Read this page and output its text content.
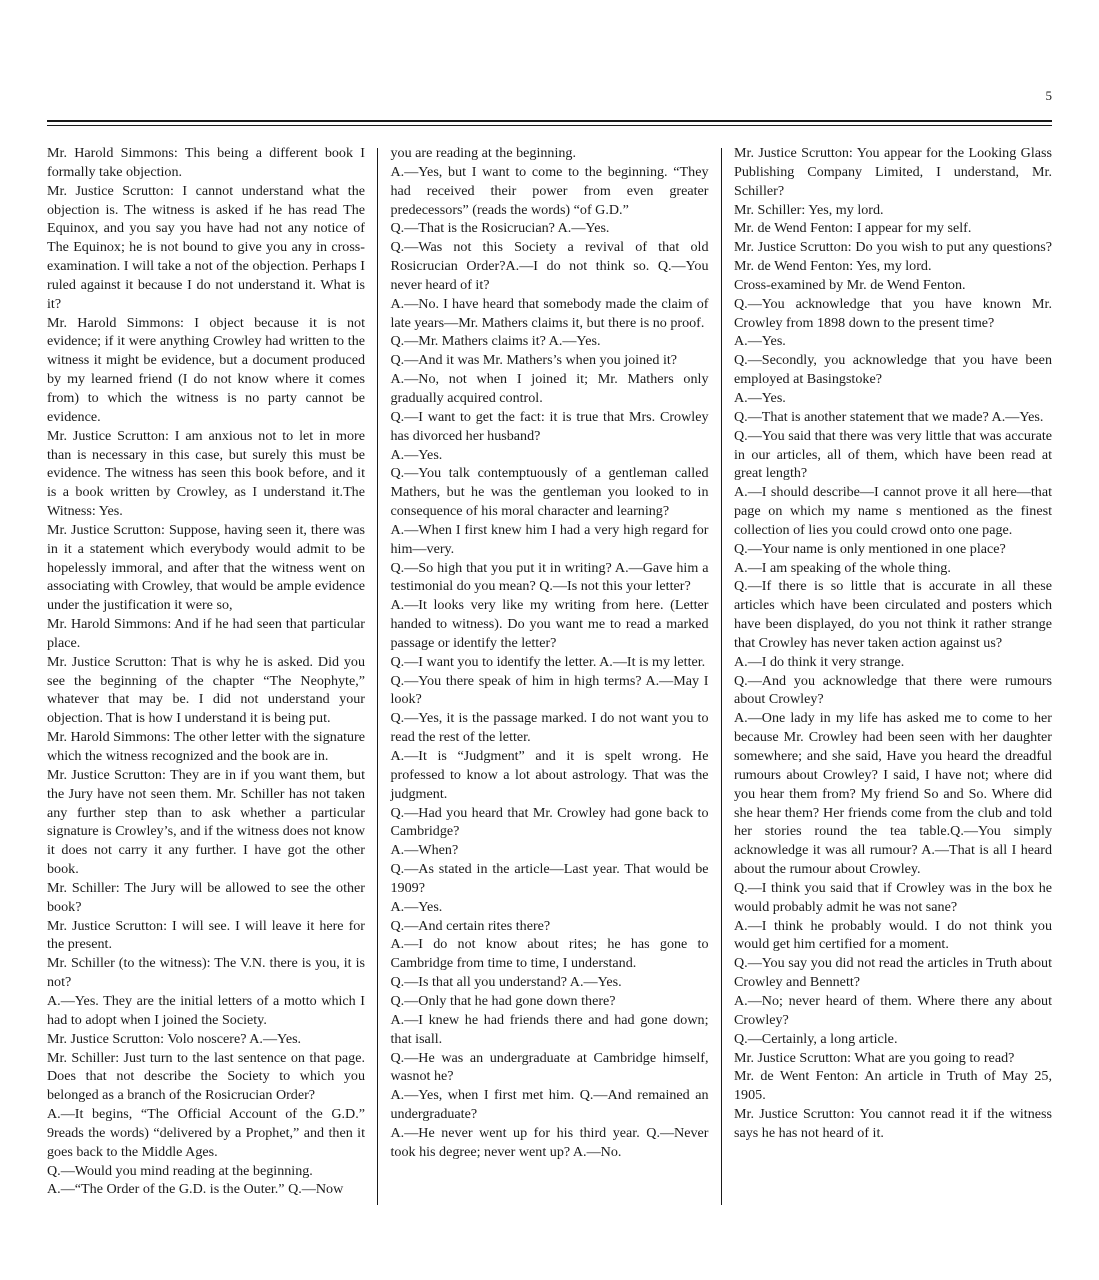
5

Mr. Harold Simmons: This being a different book I formally take objection.

Mr. Justice Scrutton: I cannot understand what the objection is. The witness is asked if he has read The Equinox, and you say you have had not any notice of The Equinox; he is not bound to give you any in cross-examination. I will take a not of the objection. Perhaps I ruled against it because I do not understand it. What is it?

Mr. Harold Simmons: I object because it is not evidence; if it were anything Crowley had written to the witness it might be evidence, but a document produced by my learned friend (I do not know where it comes from) to which the witness is no party cannot be evidence.

Mr. Justice Scrutton: I am anxious not to let in more than is necessary in this case, but surely this must be evidence. The witness has seen this book before, and it is a book written by Crowley, as I understand it.The Witness: Yes.

Mr. Justice Scrutton: Suppose, having seen it, there was in it a statement which everybody would admit to be hopelessly immoral, and after that the witness went on associating with Crowley, that would be ample evidence under the justification it were so,

Mr. Harold Simmons: And if he had seen that particular place.

Mr. Justice Scrutton: That is why he is asked. Did you see the beginning of the chapter “The Neophyte,” whatever that may be. I did not understand your objection. That is how I understand it is being put.

Mr. Harold Simmons: The other letter with the signature which the witness recognized and the book are in.

Mr. Justice Scrutton: They are in if you want them, but the Jury have not seen them. Mr. Schiller has not taken any further step than to ask whether a particular signature is Crowley’s, and if the witness does not know it does not carry it any further. I have got the other book.

Mr. Schiller: The Jury will be allowed to see the other book?

Mr. Justice Scrutton: I will see. I will leave it here for the present.

Mr. Schiller (to the witness): The V.N. there is you, it is not?

A.—Yes. They are the initial letters of a motto which I had to adopt when I joined the Society.

Mr. Justice Scrutton: Volo noscere? A.—Yes.

Mr. Schiller: Just turn to the last sentence on that page. Does that not describe the Society to which you belonged as a branch of the Rosicrucian Order?

A.—It begins, “The Official Account of the G.D.” 9reads the words) “delivered by a Prophet,” and then it goes back to the Middle Ages.

Q.—Would you mind reading at the beginning.

A.—“The Order of the G.D. is the Outer.” Q.—Now

you are reading at the beginning.

A.—Yes, but I want to come to the beginning. “They had received their power from even greater predecessors” (reads the words) “of G.D.”

Q.—That is the Rosicrucian? A.—Yes.

Q.—Was not this Society a revival of that old Rosicrucian Order?A.—I do not think so. Q.—You never heard of it?

A.—No. I have heard that somebody made the claim of late years—Mr. Mathers claims it, but there is no proof.

Q.—Mr. Mathers claims it? A.—Yes.

Q.—And it was Mr. Mathers’s when you joined it?

A.—No, not when I joined it; Mr. Mathers only gradually acquired control.

Q.—I want to get the fact: it is true that Mrs. Crowley has divorced her husband?

A.—Yes.

Q.—You talk contemptuously of a gentleman called Mathers, but he was the gentleman you looked to in consequence of his moral character and learning?

A.—When I first knew him I had a very high regard for him—very.

Q.—So high that you put it in writing? A.—Gave him a testimonial do you mean? Q.—Is not this your letter?

A.—It looks very like my writing from here. (Letter handed to witness). Do you want me to read a marked passage or identify the letter?

Q.—I want you to identify the letter. A.—It is my letter.

Q.—You there speak of him in high terms? A.—May I look?

Q.—Yes, it is the passage marked. I do not want you to read the rest of the letter.

A.—It is “Judgment” and it is spelt wrong. He professed to know a lot about astrology. That was the judgment.

Q.—Had you heard that Mr. Crowley had gone back to Cambridge?

A.—When?

Q.—As stated in the article—Last year. That would be 1909?

A.—Yes.

Q.—And certain rites there?

A.—I do not know about rites; he has gone to Cambridge from time to time, I understand.

Q.—Is that all you understand? A.—Yes.

Q.—Only that he had gone down there?

A.—I knew he had friends there and had gone down; that isall.

Q.—He was an undergraduate at Cambridge himself, wasnot he?

A.—Yes, when I first met him. Q.—And remained an undergraduate?

A.—He never went up for his third year. Q.—Never took his degree; never went up? A.—No.

Mr. Justice Scrutton: You appear for the Looking Glass Publishing Company Limited, I understand, Mr. Schiller?

Mr. Schiller: Yes, my lord.

Mr. de Wend Fenton: I appear for my self.

Mr. Justice Scrutton: Do you wish to put any questions? Mr. de Wend Fenton: Yes, my lord.

Cross-examined by Mr. de Wend Fenton.

Q.—You acknowledge that you have known Mr. Crowley from 1898 down to the present time?

A.—Yes.

Q.—Secondly, you acknowledge that you have been employed at Basingstoke?

A.—Yes.

Q.—That is another statement that we made? A.—Yes.

Q.—You said that there was very little that was accurate in our articles, all of them, which have been read at great length?

A.—I should describe—I cannot prove it all here—that page on which my name s mentioned as the finest collection of lies you could crowd onto one page.

Q.—Your name is only mentioned in one place?

A.—I am speaking of the whole thing.

Q.—If there is so little that is accurate in all these articles which have been circulated and posters which have been displayed, do you not think it rather strange that Crowley has never taken action against us?

A.—I do think it very strange.

Q.—And you acknowledge that there were rumours about Crowley?

A.—One lady in my life has asked me to come to her because Mr. Crowley had been seen with her daughter somewhere; and she said, Have you heard the dreadful rumours about Crowley? I said, I have not; where did you hear them from? My friend So and So. Where did she hear them? Her friends come from the club and told her stories round the tea table.Q.—You simply acknowledge it was all rumour? A.—That is all I heard about the rumour about Crowley.

Q.—I think you said that if Crowley was in the box he would probably admit he was not sane?

A.—I think he probably would. I do not think you would get him certified for a moment.

Q.—You say you did not read the articles in Truth about Crowley and Bennett?

A.—No; never heard of them. Where there any about Crowley?

Q.—Certainly, a long article.

Mr. Justice Scrutton: What are you going to read?

Mr. de Went Fenton: An article in Truth of May 25, 1905.

Mr. Justice Scrutton: You cannot read it if the witness says he has not heard of it.
